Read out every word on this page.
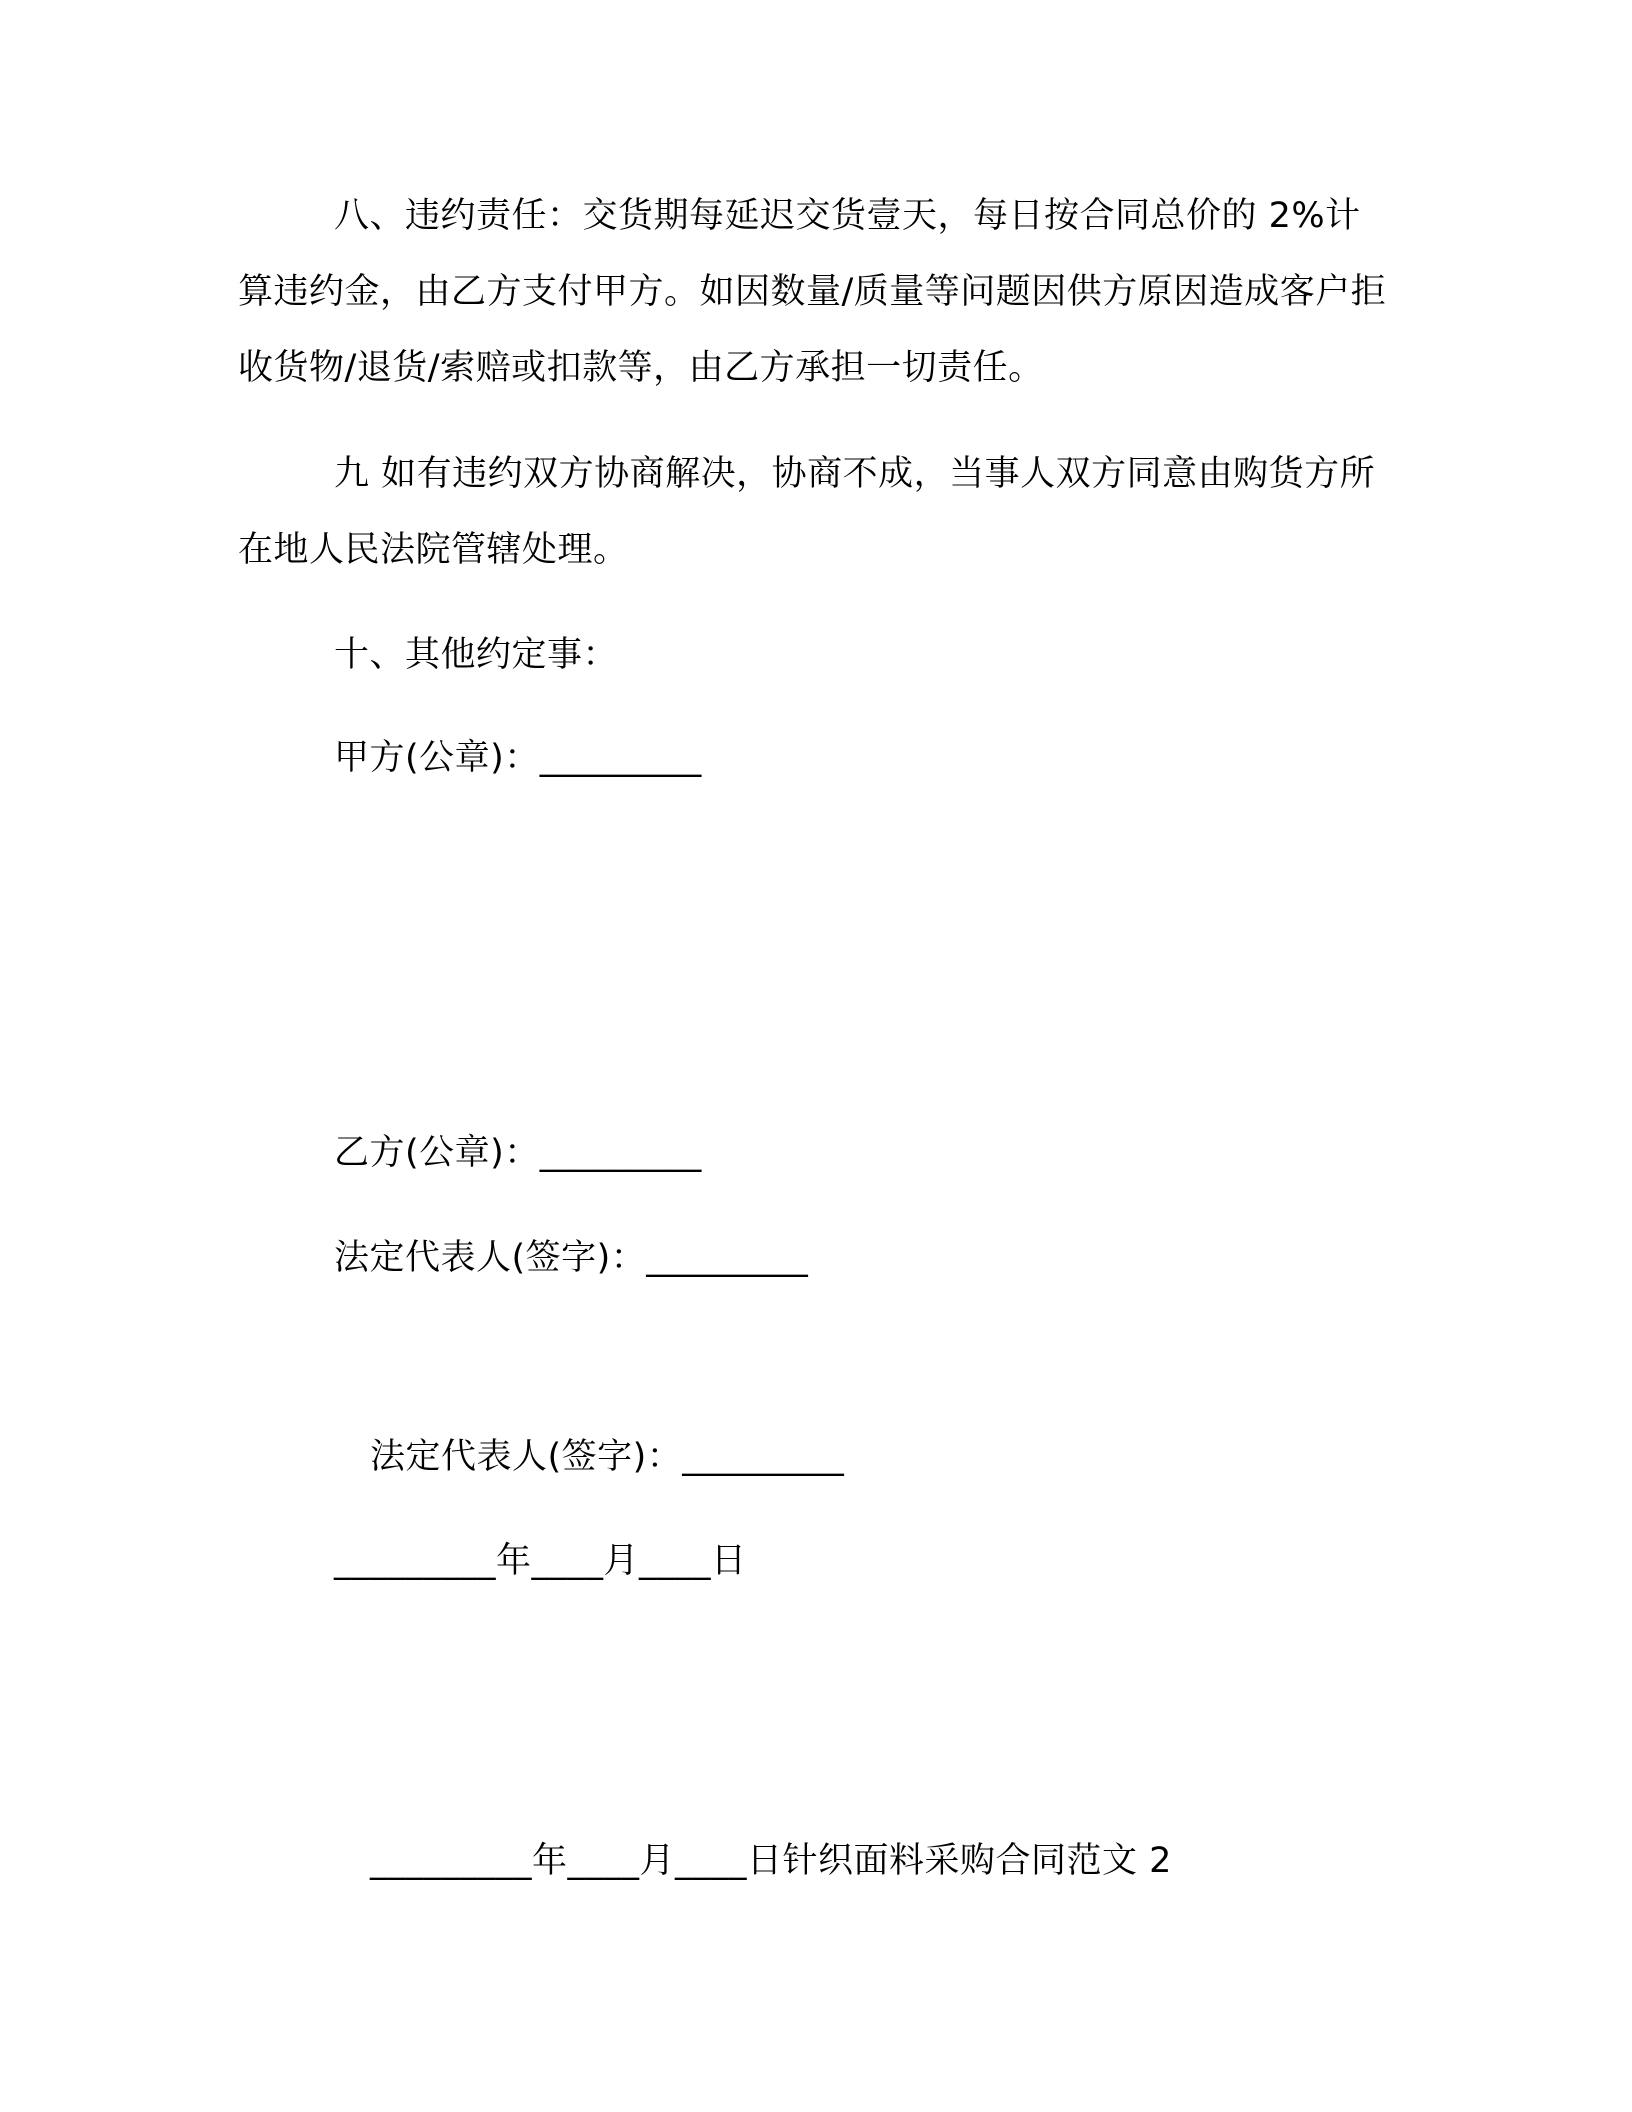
八、违约责任：交货期每延迟交货壹天，每日按合同总价的 2%计算违约金，由乙方支付甲方。如因数量/质量等问题因供方原因造成客户拒收货物/退货/索赔或扣款等，由乙方承担一切责任。

九 如有违约双方协商解决，协商不成，当事人双方同意由购货方所在地人民法院管辖处理。

十、其他约定事：

甲方(公章)：_________

乙方(公章)：_________

法定代表人(签字)：_________

法定代表人(签字)：_________

_________年____月____日

_________年____月____日针织面料采购合同范文 2
